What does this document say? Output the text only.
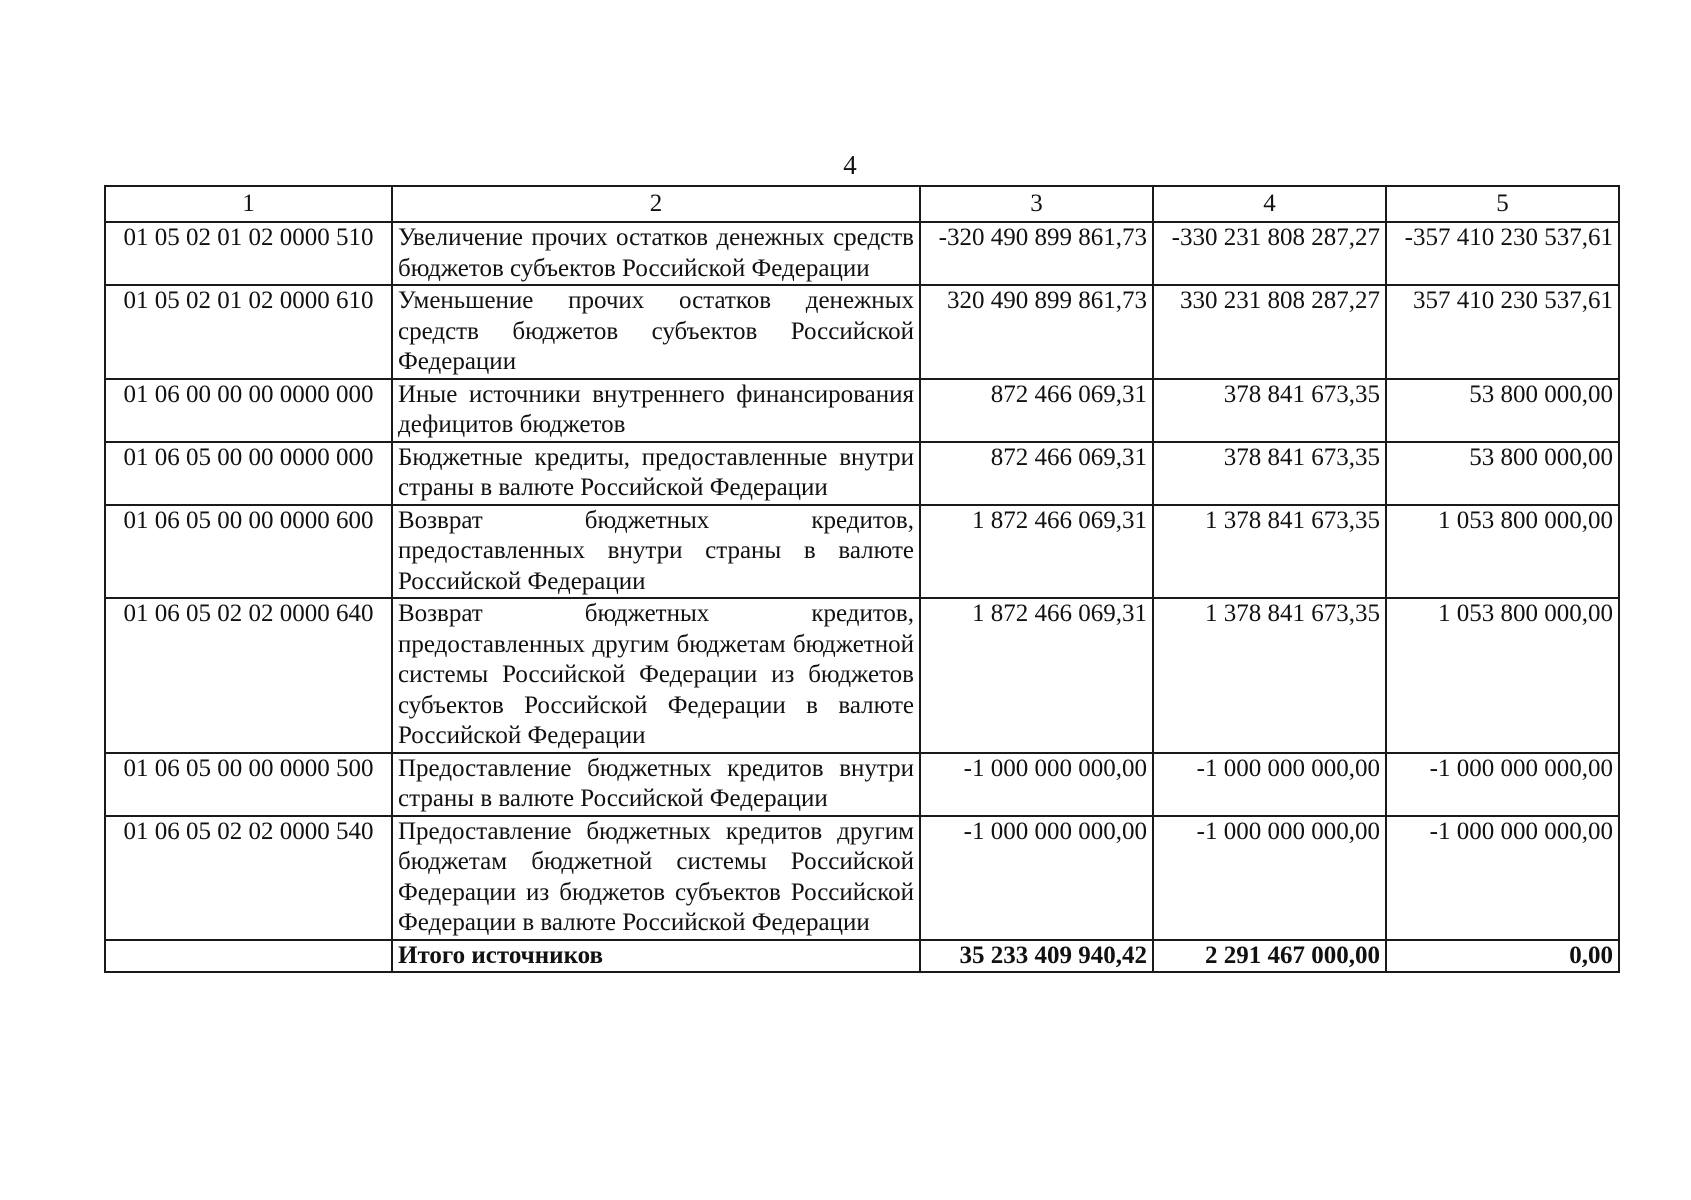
4
1	2	3	4	5
01 05 02 01 02 0000 510	Увеличение прочих остатков денежных средств бюджетов субъектов Российской Федерации	-320 490 899 861,73	-330 231 808 287,27	-357 410 230 537,61
01 05 02 01 02 0000 610	Уменьшение прочих остатков денежных средств бюджетов субъектов Российской Федерации	320 490 899 861,73	330 231 808 287,27	357 410 230 537,61
01 06 00 00 00 0000 000	Иные источники внутреннего финансирования дефицитов бюджетов	872 466 069,31	378 841 673,35	53 800 000,00
01 06 05 00 00 0000 000	Бюджетные кредиты, предоставленные внутри страны в валюте Российской Федерации	872 466 069,31	378 841 673,35	53 800 000,00
01 06 05 00 00 0000 600	Возврат бюджетных кредитов, предоставленных внутри страны в валюте Российской Федерации	1 872 466 069,31	1 378 841 673,35	1 053 800 000,00
01 06 05 02 02 0000 640	Возврат бюджетных кредитов, предоставленных другим бюджетам бюджетной системы Российской Федерации из бюджетов субъектов Российской Федерации в валюте Российской Федерации	1 872 466 069,31	1 378 841 673,35	1 053 800 000,00
01 06 05 00 00 0000 500	Предоставление бюджетных кредитов внутри страны в валюте Российской Федерации	-1 000 000 000,00	-1 000 000 000,00	-1 000 000 000,00
01 06 05 02 02 0000 540	Предоставление бюджетных кредитов другим бюджетам бюджетной системы Российской Федерации из бюджетов субъектов Российской Федерации в валюте Российской Федерации	-1 000 000 000,00	-1 000 000 000,00	-1 000 000 000,00
	Итого источников	35 233 409 940,42	2 291 467 000,00	0,00
